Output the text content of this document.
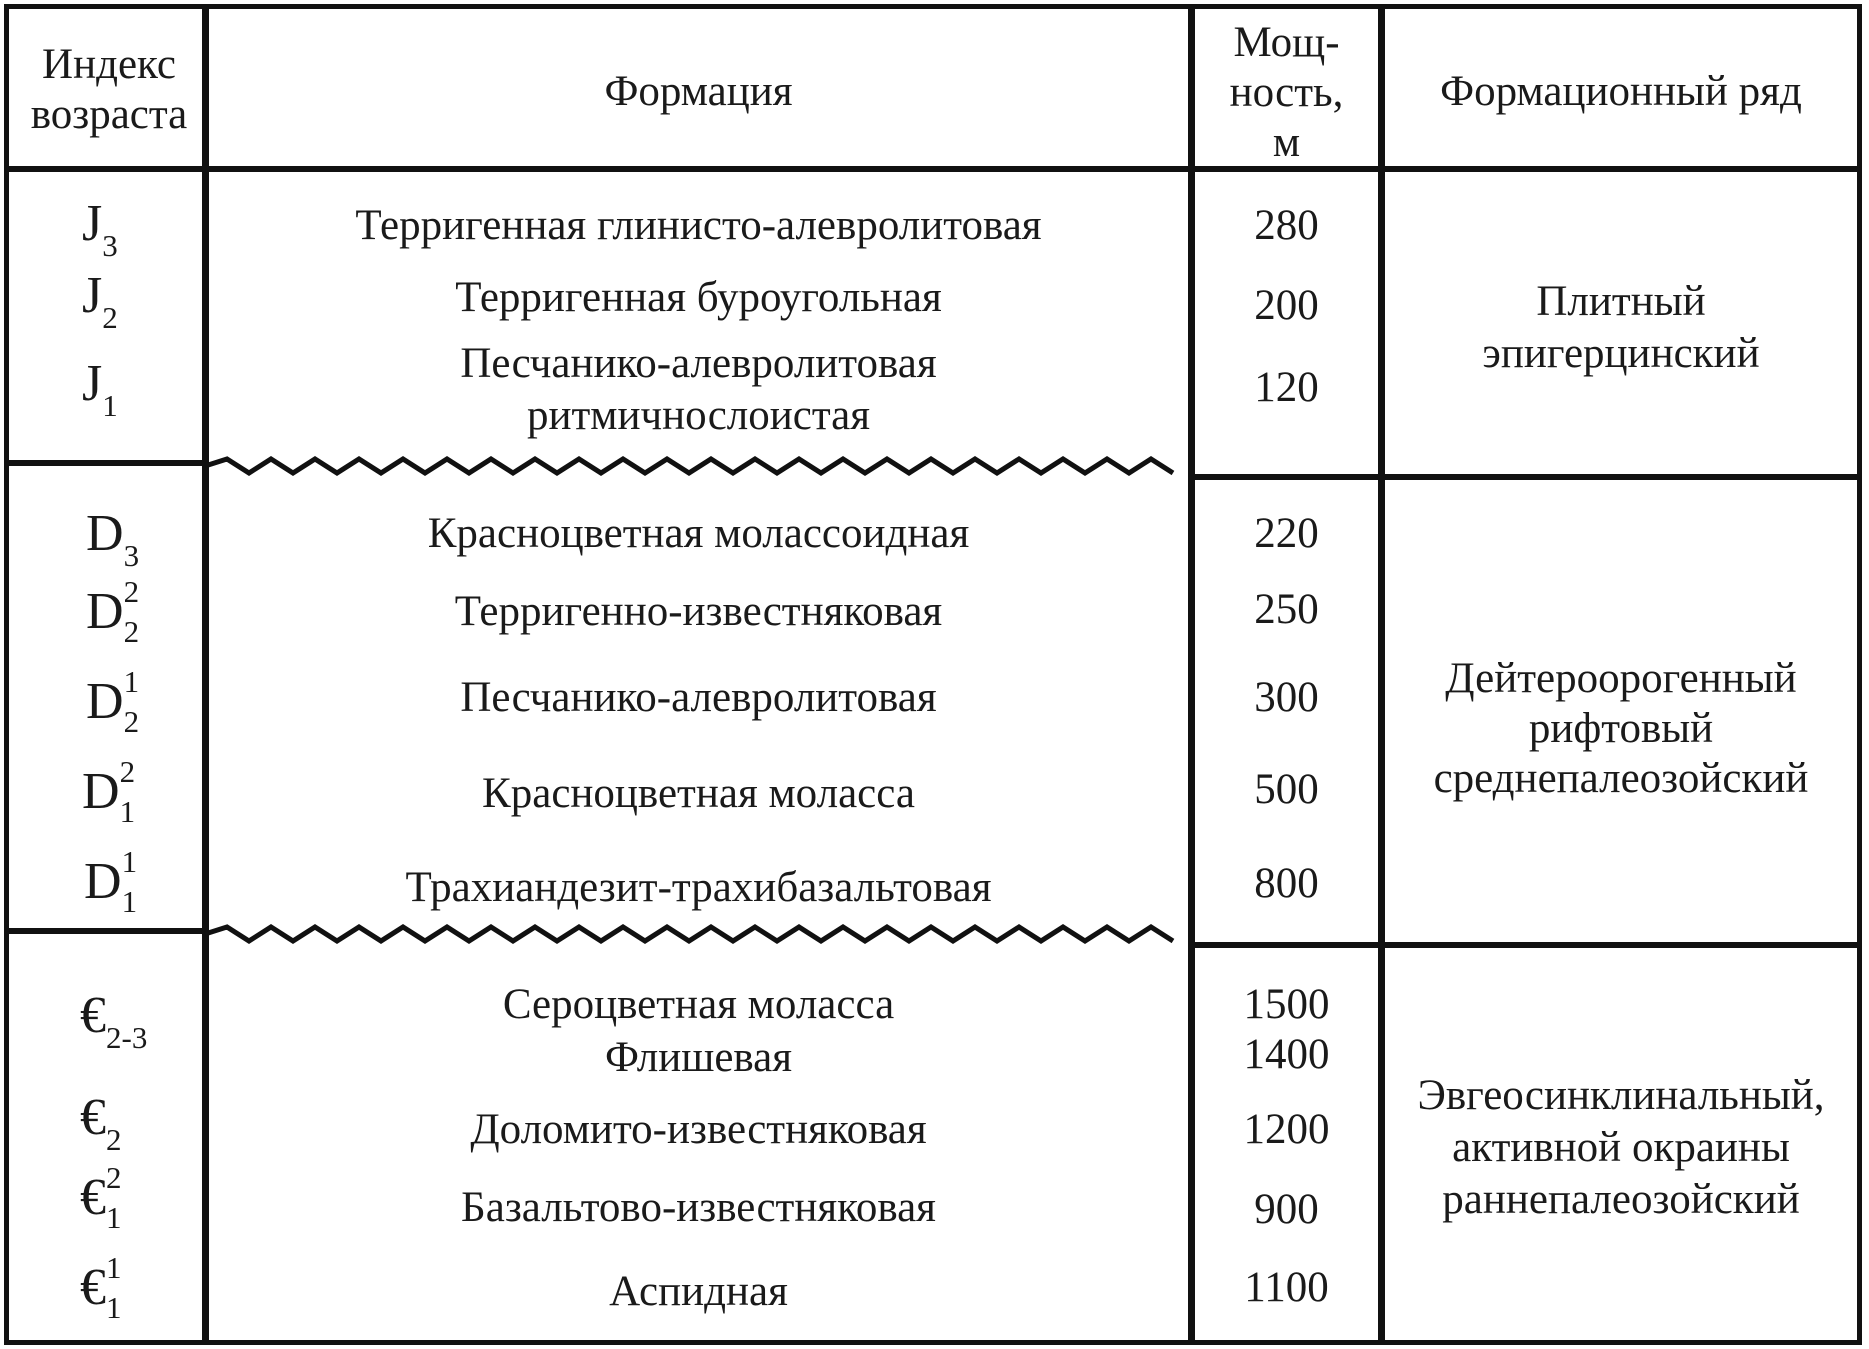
Индекс
возраста	Формация
Мощ-
ность,
м
Формационный ряд
$J_3$
$J_2$
$J_1$
Терригенная глинисто-алевролитовая
Терригенная буроугольная
Песчанико-алевролитовая
ритмичнослоистая
280
200
120
Плитный
эпигерцинский
$D_3$
D 2
2
D 1
2
D 2
1
D 1
1
Красноцветная молассоидная
Терригенно-известняковая
Песчанико-алевролитовая
Красноцветная моласса
Трахиандезит-трахибазальтовая
220
250
300
500
800
Дейтероорогенный
рифтовый
среднепалеозойский
$€_{2-3}$
$€_2$
€ 2
1
€ 1
1
Сероцветная моласса
Флишевая
Доломито-известняковая
Базальтово-известняковая
Аспидная
1500
1400
1200
900
1100
Эвгеосинклинальный,
активной окраины
раннепалеозойский
